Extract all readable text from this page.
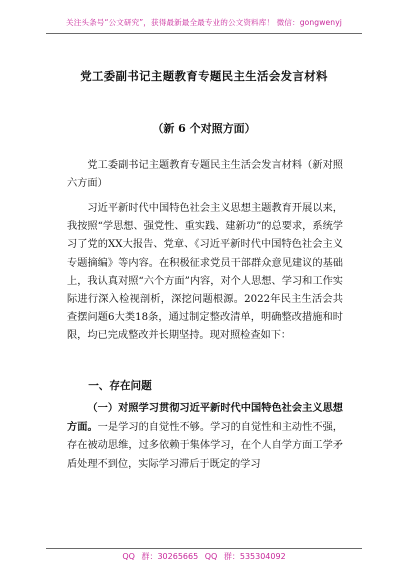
关注头条号“公文研究”，获得最新最全最专业的公文资料库！ 微信：gongwenyj
党工委副书记主题教育专题民主生活会发言材料
（新 6 个对照方面）

党工委副书记主题教育专题民主生活会发言材料（新对照六方面）

习近平新时代中国特色社会主义思想主题教育开展以来，我按照“学思想、强党性、重实践、建新功”的总要求，系统学习了党的XX大报告、党章、《习近平新时代中国特色社会主义专题摘编》等内容。在积极征求党员干部群众意见建议的基础上，我认真对照“六个方面”内容，对个人思想、学习和工作实际进行深入检视剖析，深挖问题根源。2022年民主生活会共查摆问题6大类18条，通过制定整改清单，明确整改措施和时限，均已完成整改并长期坚持。现对照检查如下：

一、存在问题

（一）对照学习贯彻习近平新时代中国特色社会主义思想方面。一是学习的自觉性不够。学习的自觉性和主动性不强，存在被动思维，过多依赖于集体学习，在个人自学方面工学矛盾处理不到位，实际学习滞后于既定的学习

QQ 群：30265665 QQ 群：535304092
